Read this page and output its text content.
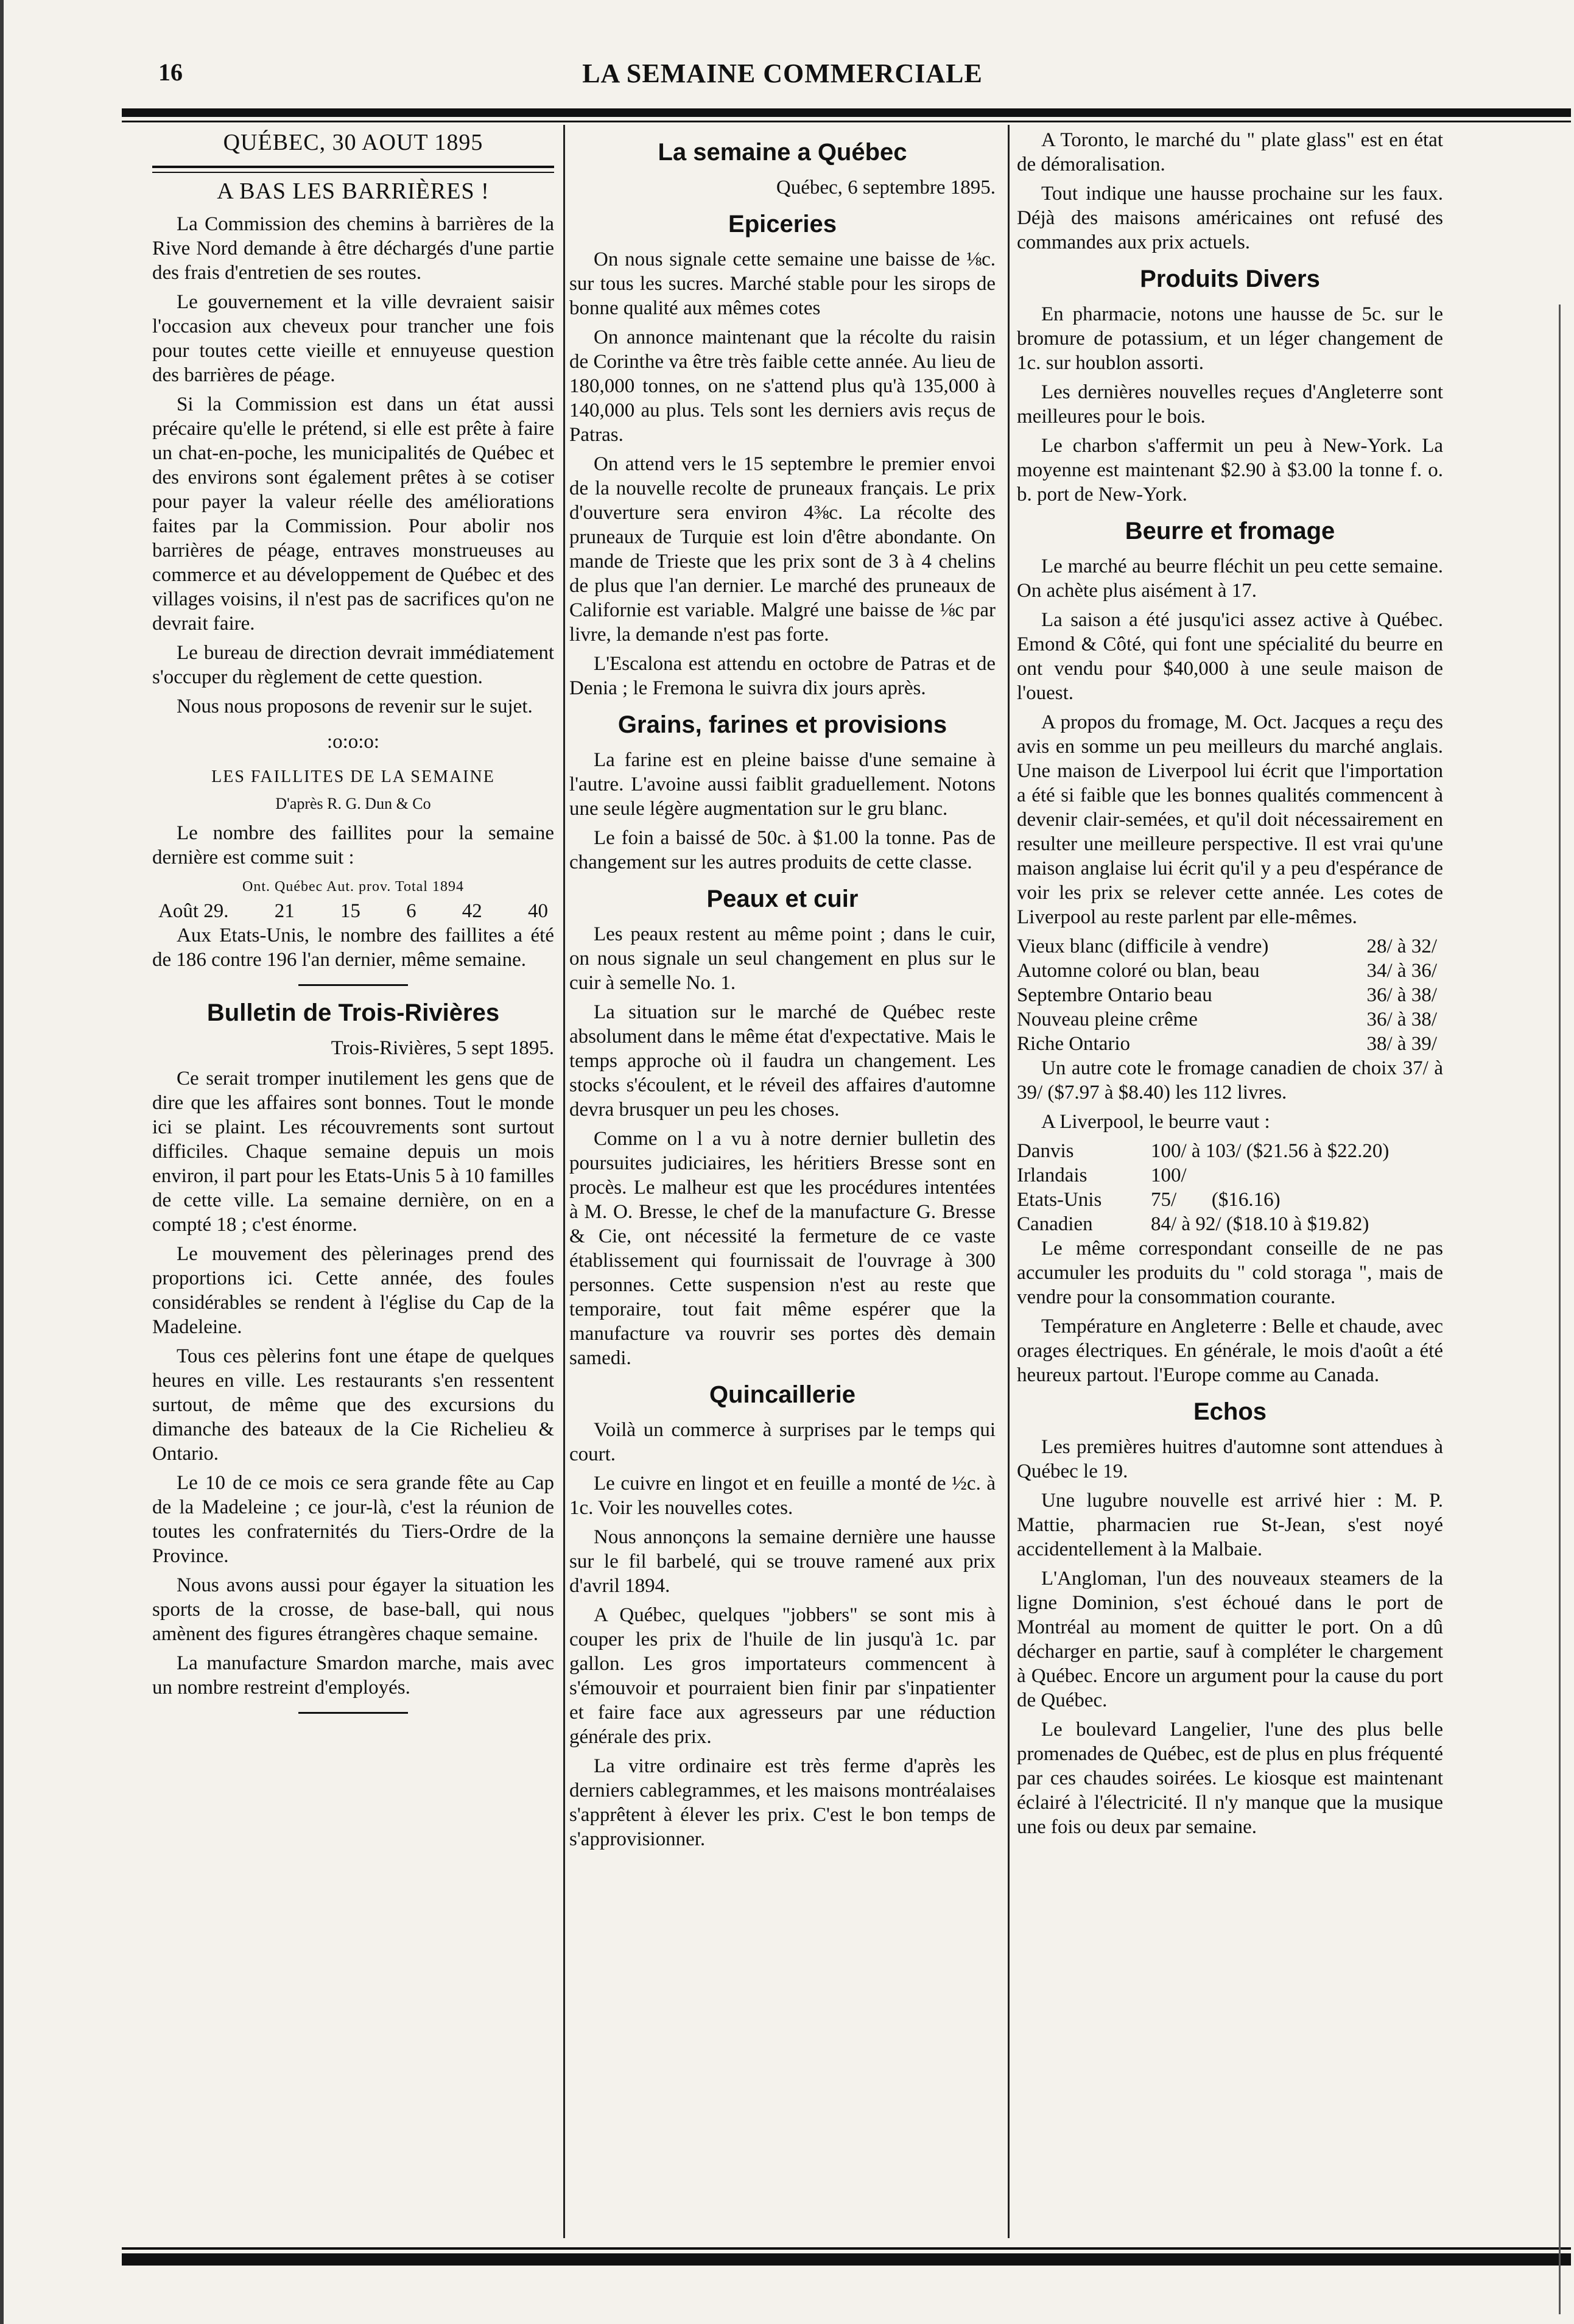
16	LA SEMAINE COMMERCIALE
QUÉBEC, 30 AOUT 1895
A BAS LES BARRIÈRES !

La Commission des chemins à barrières de la Rive Nord demande à être déchargés d'une partie des frais d'entretien de ses routes.

Le gouvernement et la ville devraient saisir l'occasion aux cheveux pour trancher une fois pour toutes cette vieille et ennuyeuse question des barrières de péage.

Si la Commission est dans un état aussi précaire qu'elle le prétend, si elle est prête à faire un chat-en-poche, les municipalités de Québec et des environs sont également prêtes à se cotiser pour payer la valeur réelle des améliorations faites par la Commission. Pour abolir nos barrières de péage, entraves monstrueuses au commerce et au développement de Québec et des villages voisins, il n'est pas de sacrifices qu'on ne devrait faire.

Le bureau de direction devrait immédiatement s'occuper du règlement de cette question.

Nous nous proposons de revenir sur le sujet.

:o:o:o:
LES FAILLITES DE LA SEMAINE
D'après R. G. Dun & Co

Le nombre des faillites pour la semaine dernière est comme suit :

Ont. Québec Aut. prov. Total 1894
Août 29. 21 15 6 42 40

Aux Etats-Unis, le nombre des faillites a été de 186 contre 196 l'an dernier, même semaine.

Bulletin de Trois-Rivières
Trois-Rivières, 5 sept 1895.

Ce serait tromper inutilement les gens que de dire que les affaires sont bonnes. Tout le monde ici se plaint. Les récouvrements sont surtout difficiles. Chaque semaine depuis un mois environ, il part pour les Etats-Unis 5 à 10 familles de cette ville. La semaine dernière, on en a compté 18 ; c'est énorme.

Le mouvement des pèlerinages prend des proportions ici. Cette année, des foules considérables se rendent à l'église du Cap de la Madeleine.

Tous ces pèlerins font une étape de quelques heures en ville. Les restaurants s'en ressentent surtout, de même que des excursions du dimanche des bateaux de la Cie Richelieu & Ontario.

Le 10 de ce mois ce sera grande fête au Cap de la Madeleine ; ce jour-là, c'est la réunion de toutes les confraternités du Tiers-Ordre de la Province.

Nous avons aussi pour égayer la situation les sports de la crosse, de base-ball, qui nous amènent des figures étrangères chaque semaine.

La manufacture Smardon marche, mais avec un nombre restreint d'employés.

La semaine a Québec
Québec, 6 septembre 1895.
Epiceries

On nous signale cette semaine une baisse de ⅛c. sur tous les sucres. Marché stable pour les sirops de bonne qualité aux mêmes cotes

On annonce maintenant que la récolte du raisin de Corinthe va être très faible cette année. Au lieu de 180,000 tonnes, on ne s'attend plus qu'à 135,000 à 140,000 au plus. Tels sont les derniers avis reçus de Patras.

On attend vers le 15 septembre le premier envoi de la nouvelle recolte de pruneaux français. Le prix d'ouverture sera environ 4⅜c. La récolte des pruneaux de Turquie est loin d'être abondante. On mande de Trieste que les prix sont de 3 à 4 chelins de plus que l'an dernier. Le marché des pruneaux de Californie est variable. Malgré une baisse de ⅛c par livre, la demande n'est pas forte.

L'Escalona est attendu en octobre de Patras et de Denia ; le Fremona le suivra dix jours après.

Grains, farines et provisions

La farine est en pleine baisse d'une semaine à l'autre. L'avoine aussi faiblit graduellement. Notons une seule légère augmentation sur le gru blanc.

Le foin a baissé de 50c. à $1.00 la tonne. Pas de changement sur les autres produits de cette classe.

Peaux et cuir

Les peaux restent au même point ; dans le cuir, on nous signale un seul changement en plus sur le cuir à semelle No. 1.

La situation sur le marché de Québec reste absolument dans le même état d'expectative. Mais le temps approche où il faudra un changement. Les stocks s'écoulent, et le réveil des affaires d'automne devra brusquer un peu les choses.

Comme on l a vu à notre dernier bulletin des poursuites judiciaires, les héritiers Bresse sont en procès. Le malheur est que les procédures intentées à M. O. Bresse, le chef de la manufacture G. Bresse & Cie, ont nécessité la fermeture de ce vaste établissement qui fournissait de l'ouvrage à 300 personnes. Cette suspension n'est au reste que temporaire, tout fait même espérer que la manufacture va rouvrir ses portes dès demain samedi.

Quincaillerie

Voilà un commerce à surprises par le temps qui court.

Le cuivre en lingot et en feuille a monté de ½c. à 1c. Voir les nouvelles cotes.

Nous annonçons la semaine dernière une hausse sur le fil barbelé, qui se trouve ramené aux prix d'avril 1894.

A Québec, quelques "jobbers" se sont mis à couper les prix de l'huile de lin jusqu'à 1c. par gallon. Les gros importateurs commencent à s'émouvoir et pourraient bien finir par s'inpatienter et faire face aux agresseurs par une réduction générale des prix.

La vitre ordinaire est très ferme d'après les derniers cablegrammes, et les maisons montréalaises s'apprêtent à élever les prix. C'est le bon temps de s'approvisionner.

A Toronto, le marché du " plate glass" est en état de démoralisation.

Tout indique une hausse prochaine sur les faux. Déjà des maisons américaines ont refusé des commandes aux prix actuels.

Produits Divers

En pharmacie, notons une hausse de 5c. sur le bromure de potassium, et un léger changement de 1c. sur houblon assorti.

Les dernières nouvelles reçues d'Angleterre sont meilleures pour le bois.

Le charbon s'affermit un peu à New-York. La moyenne est maintenant $2.90 à $3.00 la tonne f. o. b. port de New-York.

Beurre et fromage

Le marché au beurre fléchit un peu cette semaine. On achète plus aisément à 17.

La saison a été jusqu'ici assez active à Québec. Emond & Côté, qui font une spécialité du beurre en ont vendu pour $40,000 à une seule maison de l'ouest.

A propos du fromage, M. Oct. Jacques a reçu des avis en somme un peu meilleurs du marché anglais. Une maison de Liverpool lui écrit que l'importation a été si faible que les bonnes qualités commencent à devenir clair-semées, et qu'il doit nécessairement en resulter une meilleure perspective. Il est vrai qu'une maison anglaise lui écrit qu'il y a peu d'espérance de voir les prix se relever cette année. Les cotes de Liverpool au reste parlent par elle-mêmes.

Vieux blanc (difficile à vendre)	28/ à 32/
Automne coloré ou blan, beau	34/ à 36/
Septembre Ontario beau	36/ à 38/
Nouveau pleine crême	36/ à 38/
Riche Ontario	38/ à 39/

Un autre cote le fromage canadien de choix 37/ à 39/ ($7.97 à $8.40) les 112 livres.

A Liverpool, le beurre vaut :

Danvis	100/ à 103/ ($21.56 à $22.20)
Irlandais	100/
Etats-Unis	75/       ($16.16)
Canadien	84/ à 92/ ($18.10 à $19.82)

Le même correspondant conseille de ne pas accumuler les produits du " cold storaga ", mais de vendre pour la consommation courante.

Température en Angleterre : Belle et chaude, avec orages électriques. En générale, le mois d'août a été heureux partout. l'Europe comme au Canada.

Echos

Les premières huitres d'automne sont attendues à Québec le 19.

Une lugubre nouvelle est arrivé hier : M. P. Mattie, pharmacien rue St-Jean, s'est noyé accidentellement à la Malbaie.

L'Angloman, l'un des nouveaux steamers de la ligne Dominion, s'est échoué dans le port de Montréal au moment de quitter le port. On a dû décharger en partie, sauf à compléter le chargement à Québec. Encore un argument pour la cause du port de Québec.

Le boulevard Langelier, l'une des plus belle promenades de Québec, est de plus en plus fréquenté par ces chaudes soirées. Le kiosque est maintenant éclairé à l'électricité. Il n'y manque que la musique une fois ou deux par semaine.
